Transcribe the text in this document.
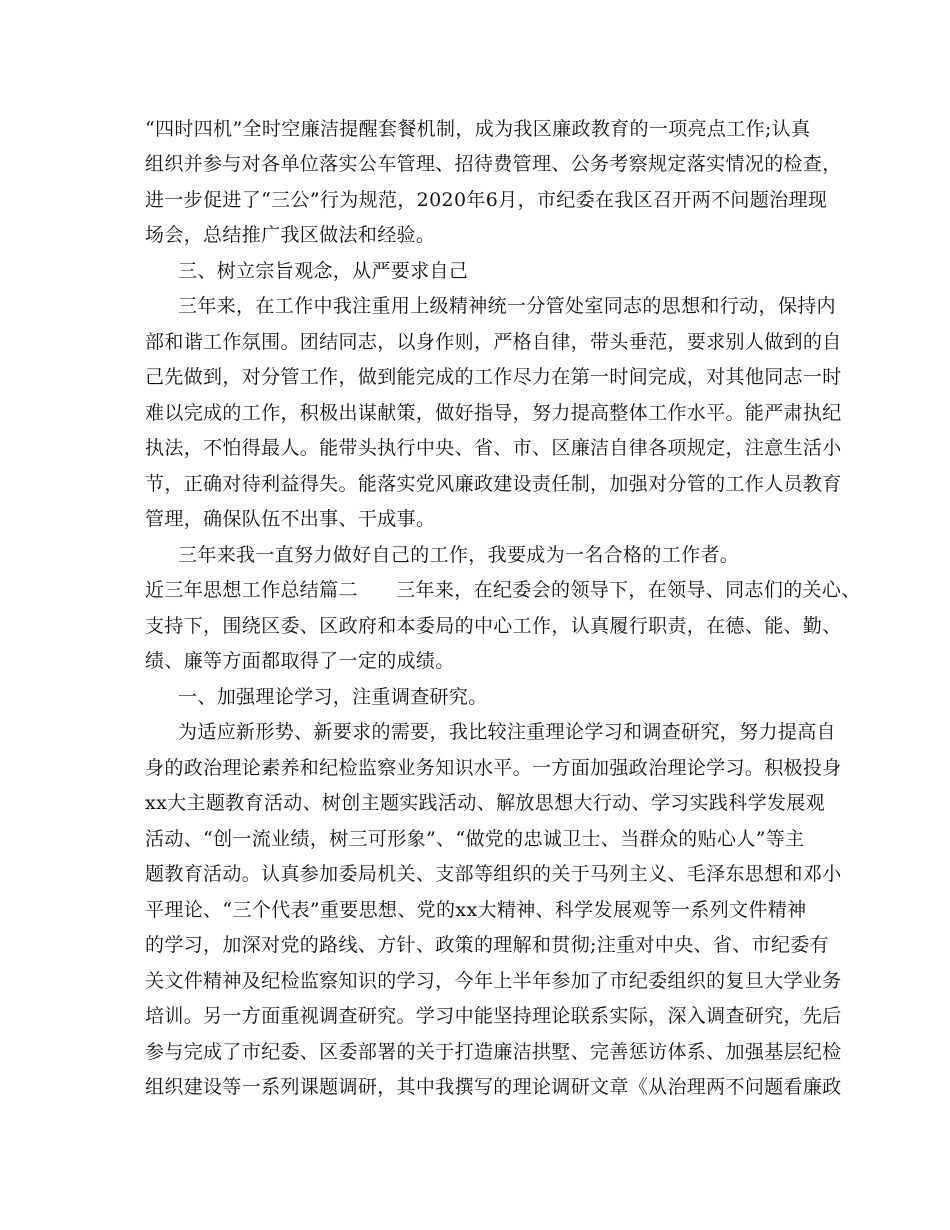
“四时四机”全时空廉洁提醒套餐机制，成为我区廉政教育的一项亮点工作;认真
组织并参与对各单位落实公车管理、招待费管理、公务考察规定落实情况的检查，
进一步促进了“三公”行为规范，2020年6月，市纪委在我区召开两不问题治理现
场会，总结推广我区做法和经验。
三、树立宗旨观念，从严要求自己
三年来，在工作中我注重用上级精神统一分管处室同志的思想和行动，保持内
部和谐工作氛围。团结同志，以身作则，严格自律，带头垂范，要求别人做到的自
己先做到，对分管工作，做到能完成的工作尽力在第一时间完成，对其他同志一时
难以完成的工作，积极出谋献策，做好指导，努力提高整体工作水平。能严肃执纪
执法，不怕得最人。能带头执行中央、省、市、区廉洁自律各项规定，注意生活小
节，正确对待利益得失。能落实党风廉政建设责任制，加强对分管的工作人员教育
管理，确保队伍不出事、干成事。
三年来我一直努力做好自己的工作，我要成为一名合格的工作者。
近三年思想工作总结篇二      三年来，在纪委会的领导下，在领导、同志们的关心、
支持下，围绕区委、区政府和本委局的中心工作，认真履行职责，在德、能、勤、
绩、廉等方面都取得了一定的成绩。
一、加强理论学习，注重调查研究。
为适应新形势、新要求的需要，我比较注重理论学习和调查研究，努力提高自
身的政治理论素养和纪检监察业务知识水平。一方面加强政治理论学习。积极投身
xx大主题教育活动、树创主题实践活动、解放思想大行动、学习实践科学发展观
活动、“创一流业绩，树三可形象”、“做党的忠诚卫士、当群众的贴心人”等主
题教育活动。认真参加委局机关、支部等组织的关于马列主义、毛泽东思想和邓小
平理论、“三个代表”重要思想、党的xx大精神、科学发展观等一系列文件精神
的学习，加深对党的路线、方针、政策的理解和贯彻;注重对中央、省、市纪委有
关文件精神及纪检监察知识的学习，今年上半年参加了市纪委组织的复旦大学业务
培训。另一方面重视调查研究。学习中能坚持理论联系实际，深入调查研究，先后
参与完成了市纪委、区委部署的关于打造廉洁拱墅、完善惩访体系、加强基层纪检
组织建设等一系列课题调研，其中我撰写的理论调研文章《从治理两不问题看廉政
